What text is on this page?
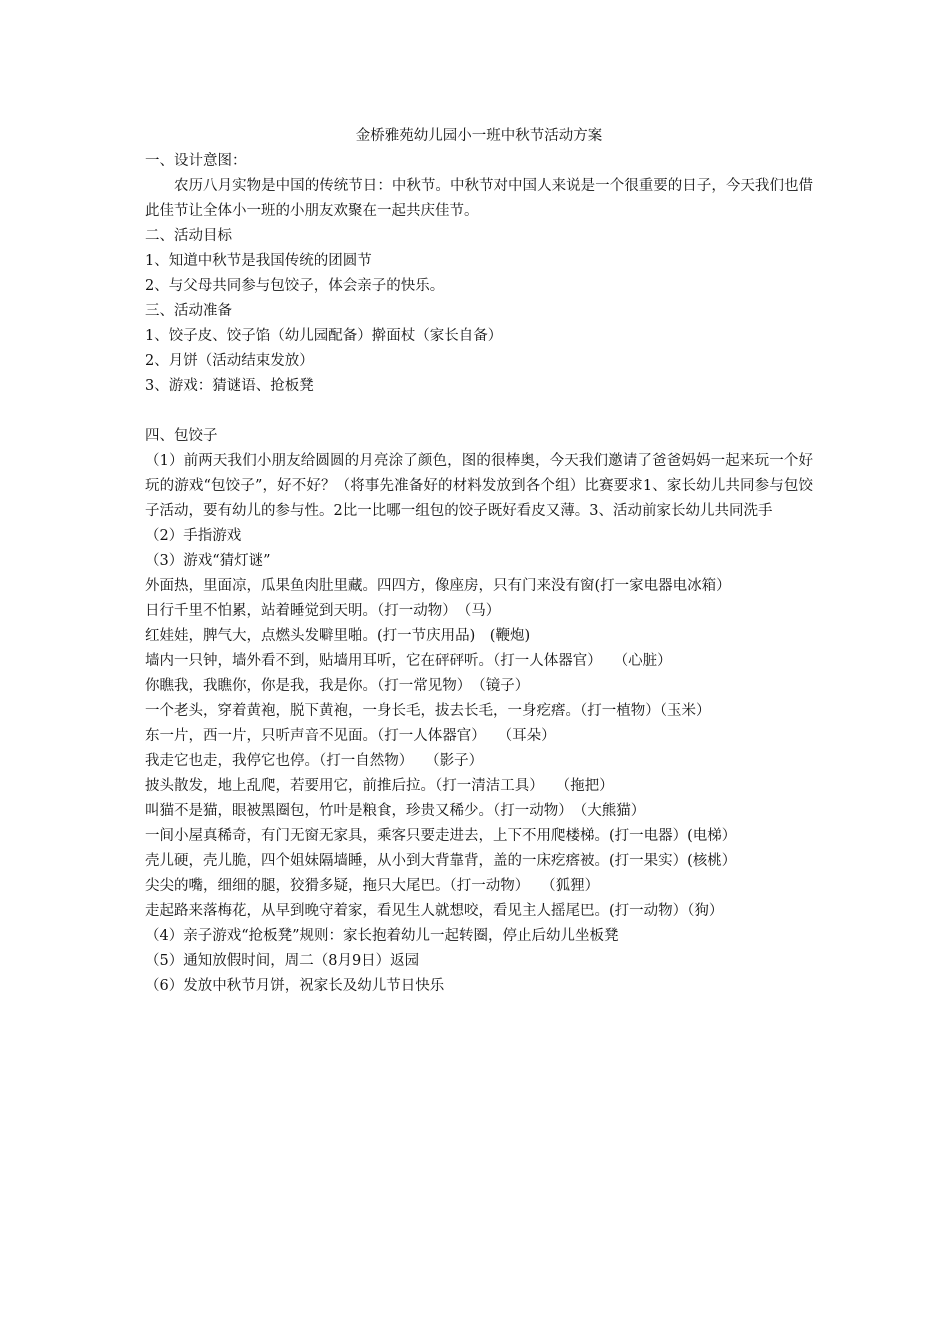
金桥雅苑幼儿园小一班中秋节活动方案
一、设计意图：
农历八月实物是中国的传统节日：中秋节。中秋节对中国人来说是一个很重要的日子，今天我们也借此佳节让全体小一班的小朋友欢聚在一起共庆佳节。
二、活动目标
1、知道中秋节是我国传统的团圆节
2、与父母共同参与包饺子，体会亲子的快乐。
三、活动准备
1、饺子皮、饺子馅（幼儿园配备）擀面杖（家长自备）
2、月饼（活动结束发放）
3、游戏：猜谜语、抢板凳
四、包饺子
（1）前两天我们小朋友给圆圆的月亮涂了颜色，图的很棒奥，今天我们邀请了爸爸妈妈一起来玩一个好玩的游戏“包饺子”，好不好？（将事先准备好的材料发放到各个组）比赛要求1、家长幼儿共同参与包饺子活动，要有幼儿的参与性。2比一比哪一组包的饺子既好看皮又薄。3、活动前家长幼儿共同洗手
（2）手指游戏
（3）游戏“猜灯谜”
外面热，里面凉，瓜果鱼肉肚里藏。四四方，像座房，只有门来没有窗(打一家电器电冰箱）
日行千里不怕累，站着睡觉到天明。（打一动物）　（马）
红娃娃，脾气大，点燃头发噼里啪。(打一节庆用品)　(鞭炮)
墙内一只钟，墙外看不到，贴墙用耳听，它在砰砰听。（打一人体器官）　 （心脏）
你瞧我，我瞧你，你是我，我是你。（打一常见物）　（镜子）
一个老头，穿着黄袍，脱下黄袍，一身长毛，拔去长毛，一身疙瘩。（打一植物）（玉米）
东一片，西一片，只听声音不见面。（打一人体器官）　 （耳朵）
我走它也走，我停它也停。（打一自然物）　 （影子）
披头散发，地上乱爬，若要用它，前推后拉。（打一清洁工具）　 （拖把）
叫猫不是猫，眼被黑圈包，竹叶是粮食，珍贵又稀少。（打一动物）　（大熊猫）
一间小屋真稀奇，有门无窗无家具，乘客只要走进去，上下不用爬楼梯。(打一电器）(电梯）
壳儿硬，壳儿脆，四个姐妹隔墙睡，从小到大背靠背，盖的一床疙瘩被。(打一果实）(核桃）
尖尖的嘴，细细的腿，狡猾多疑，拖只大尾巴。（打一动物）　 （狐狸）
走起路来落梅花，从早到晚守着家，看见生人就想咬，看见主人摇尾巴。(打一动物）（狗）
（4）亲子游戏“抢板凳”规则：家长抱着幼儿一起转圈，停止后幼儿坐板凳
（5）通知放假时间，周二（8月9日）返园
（6）发放中秋节月饼，祝家长及幼儿节日快乐
